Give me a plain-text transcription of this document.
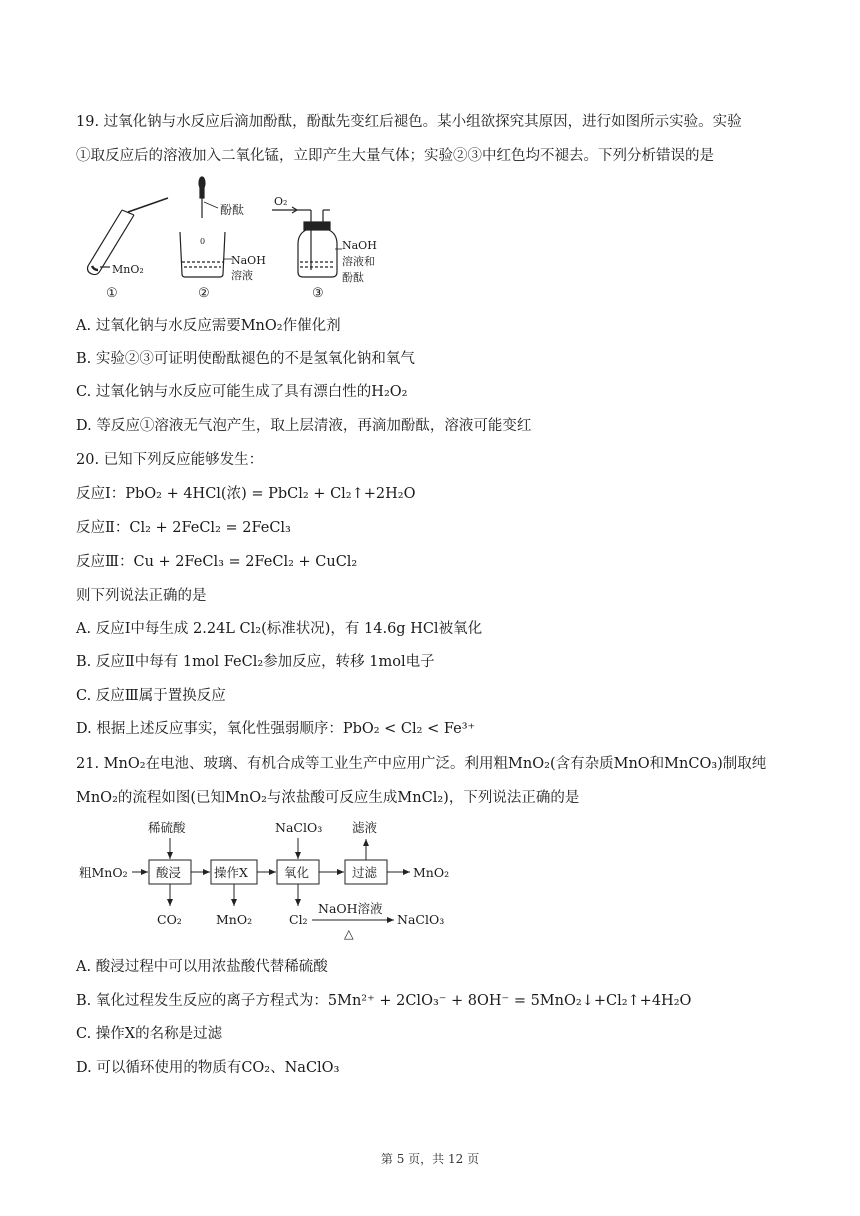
19. 过氧化钠与水反应后滴加酚酞，酚酞先变红后褪色。某小组欲探究其原因，进行如图所示实验。实验
①取反应后的溶液加入二氧化锰，立即产生大量气体；实验②③中红色均不褪去。下列分析错误的是
MnO₂
①
0
酚酞
NaOH
溶液
②
O₂
NaOH
溶液和
酚酞
③
A. 过氧化钠与水反应需要MnO₂作催化剂
B. 实验②③可证明使酚酞褪色的不是氢氧化钠和氧气
C. 过氧化钠与水反应可能生成了具有漂白性的H₂O₂
D. 等反应①溶液无气泡产生，取上层清液，再滴加酚酞，溶液可能变红
20. 已知下列反应能够发生：
反应Ⅰ：PbO₂ + 4HCl(浓) = PbCl₂ + Cl₂↑+2H₂O
反应Ⅱ：Cl₂ + 2FeCl₂ = 2FeCl₃
反应Ⅲ：Cu + 2FeCl₃ = 2FeCl₂ + CuCl₂
则下列说法正确的是
A. 反应Ⅰ中每生成 2.24L Cl₂(标准状况)，有 14.6g HCl被氧化
B. 反应Ⅱ中每有 1mol FeCl₂参加反应，转移 1mol电子
C. 反应Ⅲ属于置换反应
D. 根据上述反应事实，氧化性强弱顺序：PbO₂ < Cl₂ < Fe³⁺
21. MnO₂在电池、玻璃、有机合成等工业生产中应用广泛。利用粗MnO₂(含有杂质MnO和MnCO₃)制取纯
MnO₂的流程如图(已知MnO₂与浓盐酸可反应生成MnCl₂)，下列说法正确的是
粗MnO₂ 酸浸	操作X	氧化	过滤	MnO₂
稀硫酸	NaClO₃ 滤液
CO₂	MnO₂	Cl₂
NaOH溶液
△
NaClO₃
A. 酸浸过程中可以用浓盐酸代替稀硫酸
B. 氧化过程发生反应的离子方程式为：5Mn²⁺ + 2ClO₃⁻ + 8OH⁻ = 5MnO₂↓+Cl₂↑+4H₂O
C. 操作X的名称是过滤
D. 可以循环使用的物质有CO₂、NaClO₃
第 5 页，共 12 页
